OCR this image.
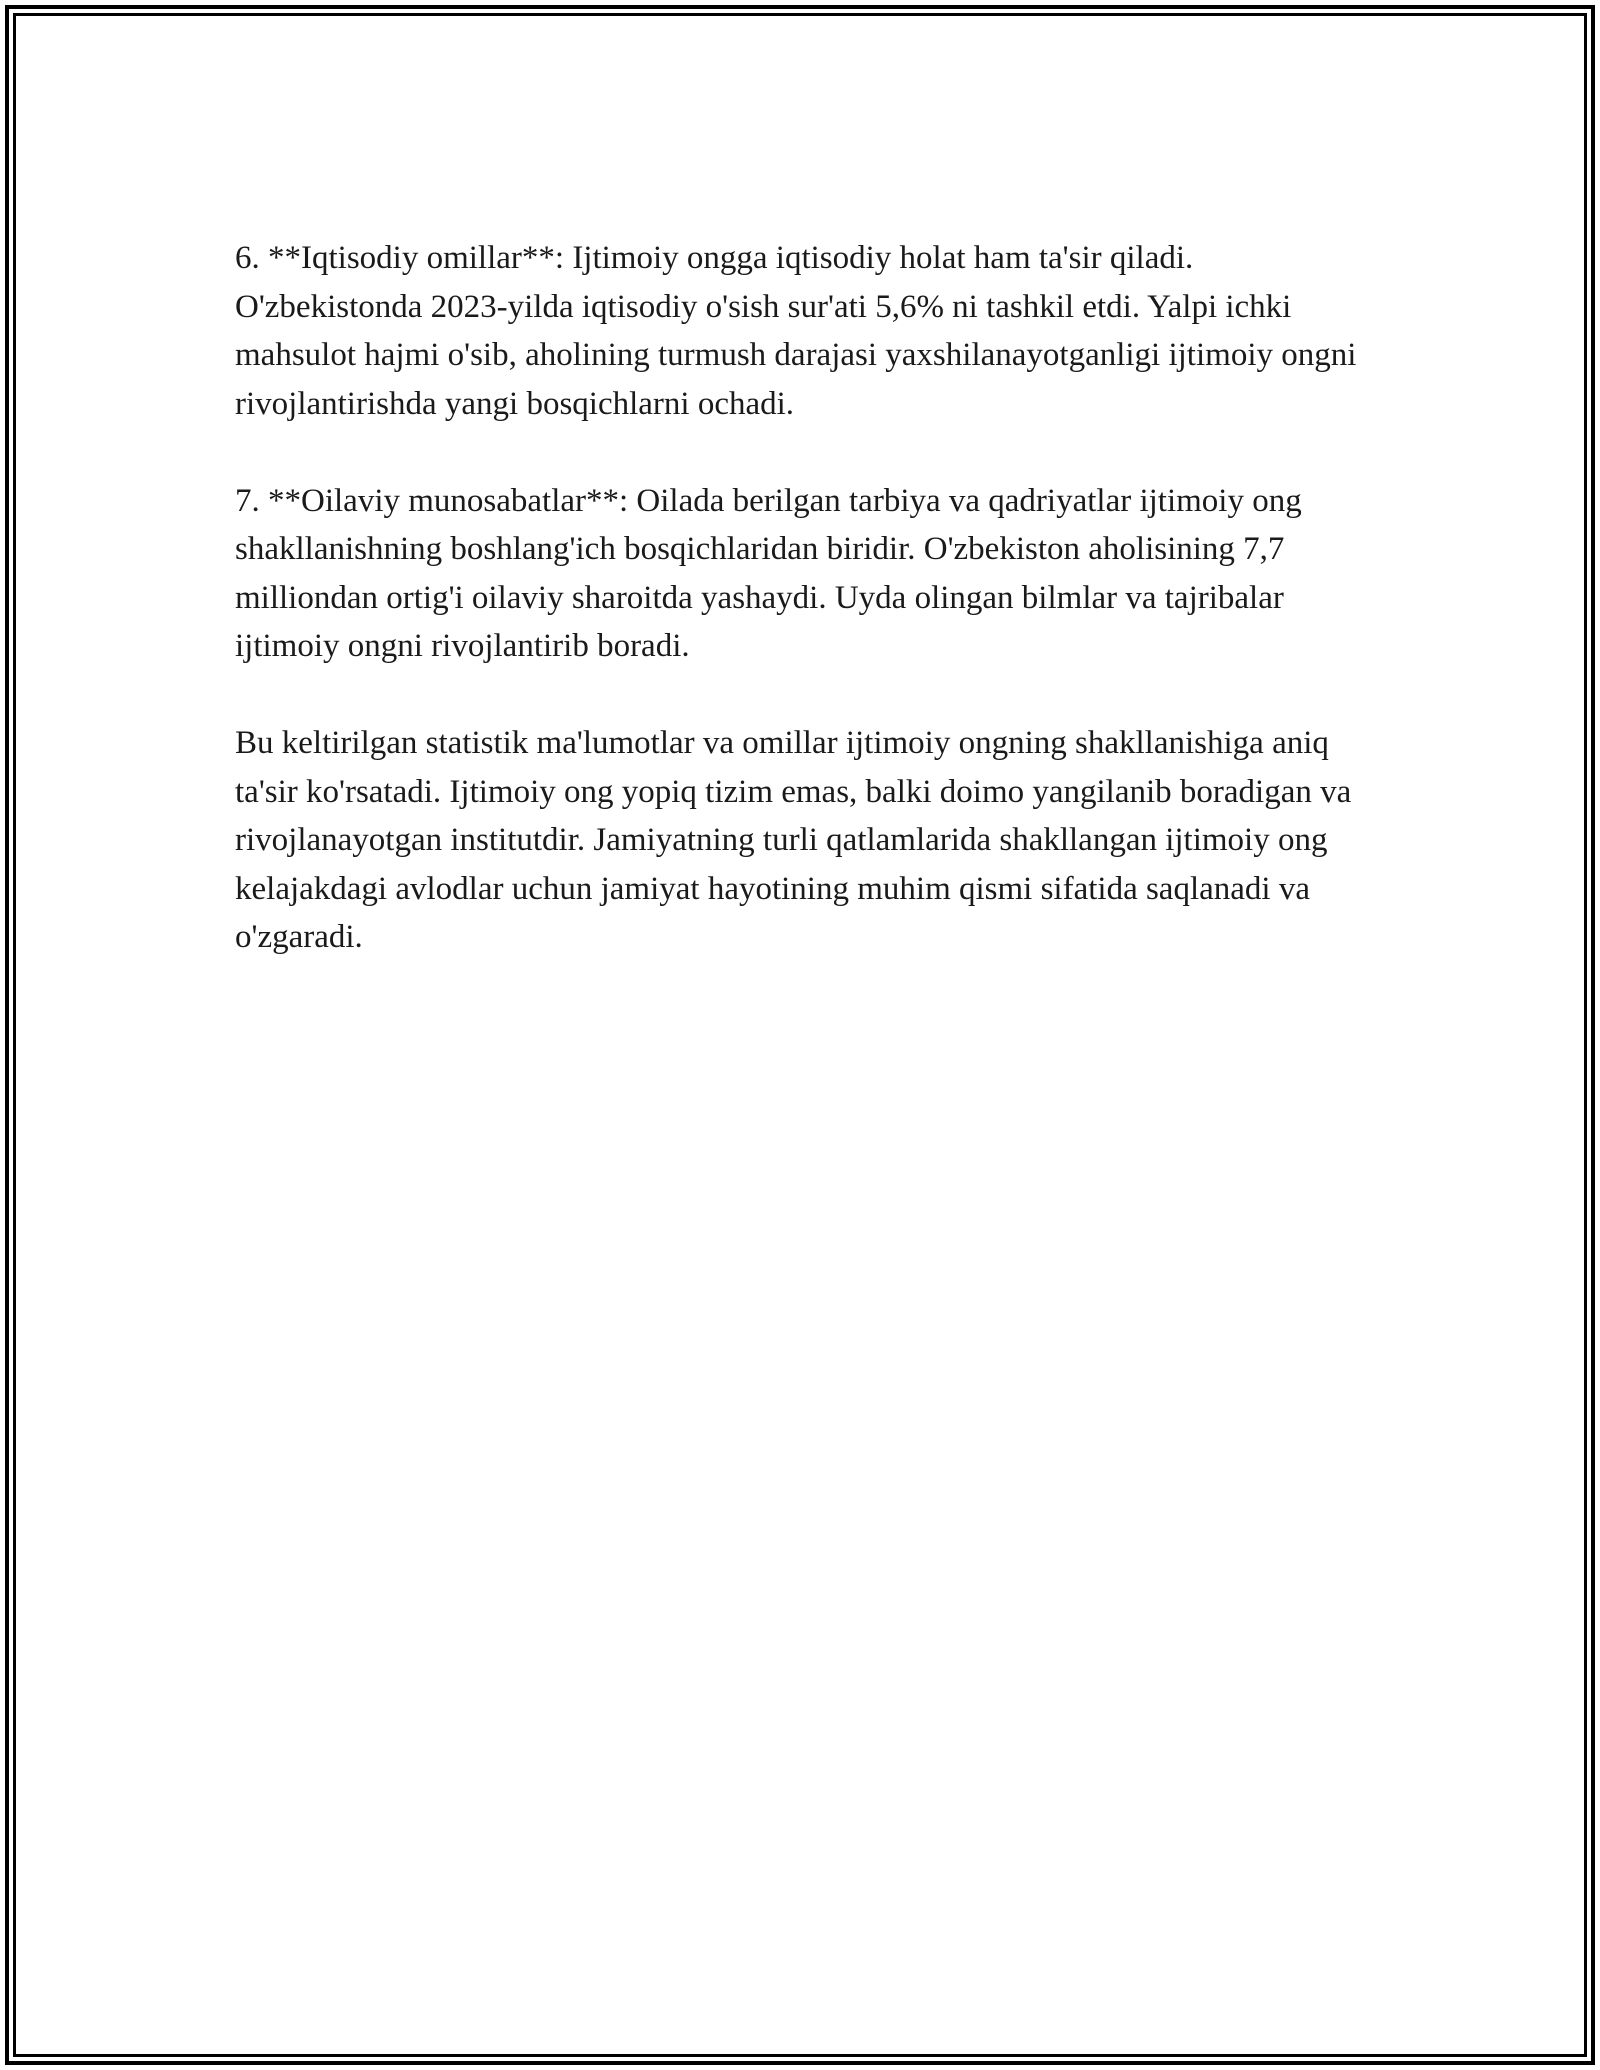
6. **Iqtisodiy omillar**: Ijtimoiy ongga iqtisodiy holat ham ta'sir qiladi. O'zbekistonda 2023-yilda iqtisodiy o'sish sur'ati 5,6% ni tashkil etdi. Yalpi ichki mahsulot hajmi o'sib, aholining turmush darajasi yaxshilanayotganligi ijtimoiy ongni rivojlantirishda yangi bosqichlarni ochadi.

7. **Oilaviy munosabatlar**: Oilada berilgan tarbiya va qadriyatlar ijtimoiy ong shakllanishning boshlang'ich bosqichlaridan biridir. O'zbekiston aholisining 7,7 milliondan ortig'i oilaviy sharoitda yashaydi. Uyda olingan bilmlar va tajribalar ijtimoiy ongni rivojlantirib boradi.

Bu keltirilgan statistik ma'lumotlar va omillar ijtimoiy ongning shakllanishiga aniq ta'sir ko'rsatadi. Ijtimoiy ong yopiq tizim emas, balki doimo yangilanib boradigan va rivojlanayotgan institutdir. Jamiyatning turli qatlamlarida shakllangan ijtimoiy ong kelajakdagi avlodlar uchun jamiyat hayotining muhim qismi sifatida saqlanadi va o'zgaradi.
